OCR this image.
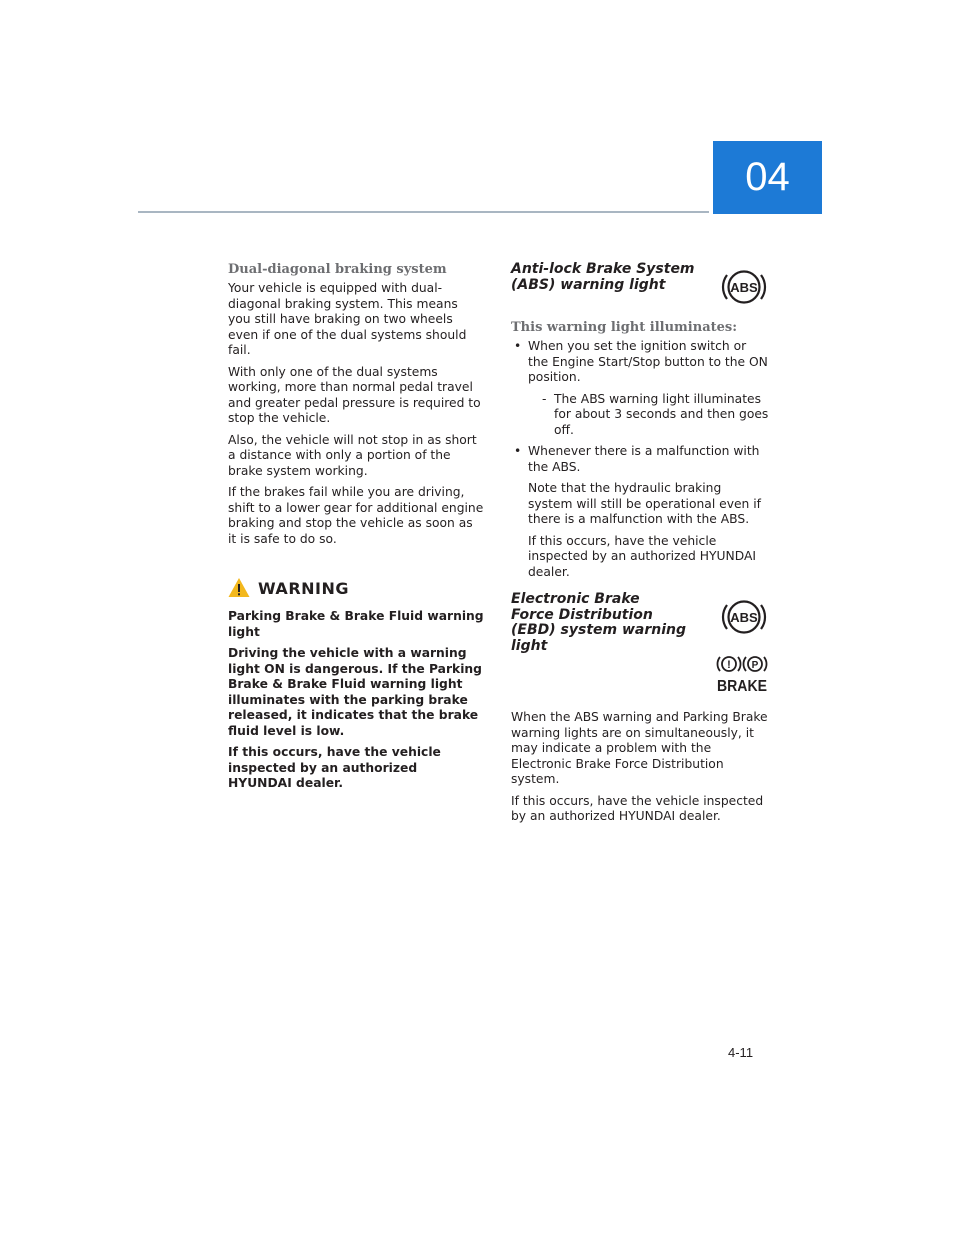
04
Dual-diagonal braking system

Your vehicle is equipped with dual-diagonal braking system. This means you still have braking on two wheels even if one of the dual systems should fail.

With only one of the dual systems working, more than normal pedal travel and greater pedal pressure is required to stop the vehicle.

Also, the vehicle will not stop in as short a distance with only a portion of the brake system working.

If the brakes fail while you are driving, shift to a lower gear for additional engine braking and stop the vehicle as soon as it is safe to do so.

WARNING

Parking Brake & Brake Fluid warning light

Driving the vehicle with a warning light ON is dangerous. If the Parking Brake & Brake Fluid warning light illuminates with the parking brake released, it indicates that the brake fluid level is low.

If this occurs, have the vehicle inspected by an authorized HYUNDAI dealer.

Anti-lock Brake System (ABS) warning light	ABS
This warning light illuminates:
• When you set the ignition switch or the Engine Start/Stop button to the ON position.
- The ABS warning light illuminates for about 3 seconds and then goes off.
• Whenever there is a malfunction with the ABS.

Note that the hydraulic braking system will still be operational even if there is a malfunction with the ABS.

If this occurs, have the vehicle inspected by an authorized HYUNDAI dealer.

Electronic Brake Force Distribution (EBD) system warning light
ABS

! P
BRAKE

When the ABS warning and Parking Brake warning lights are on simultaneously, it may indicate a problem with the Electronic Brake Force Distribution system.

If this occurs, have the vehicle inspected by an authorized HYUNDAI dealer.

4-11
